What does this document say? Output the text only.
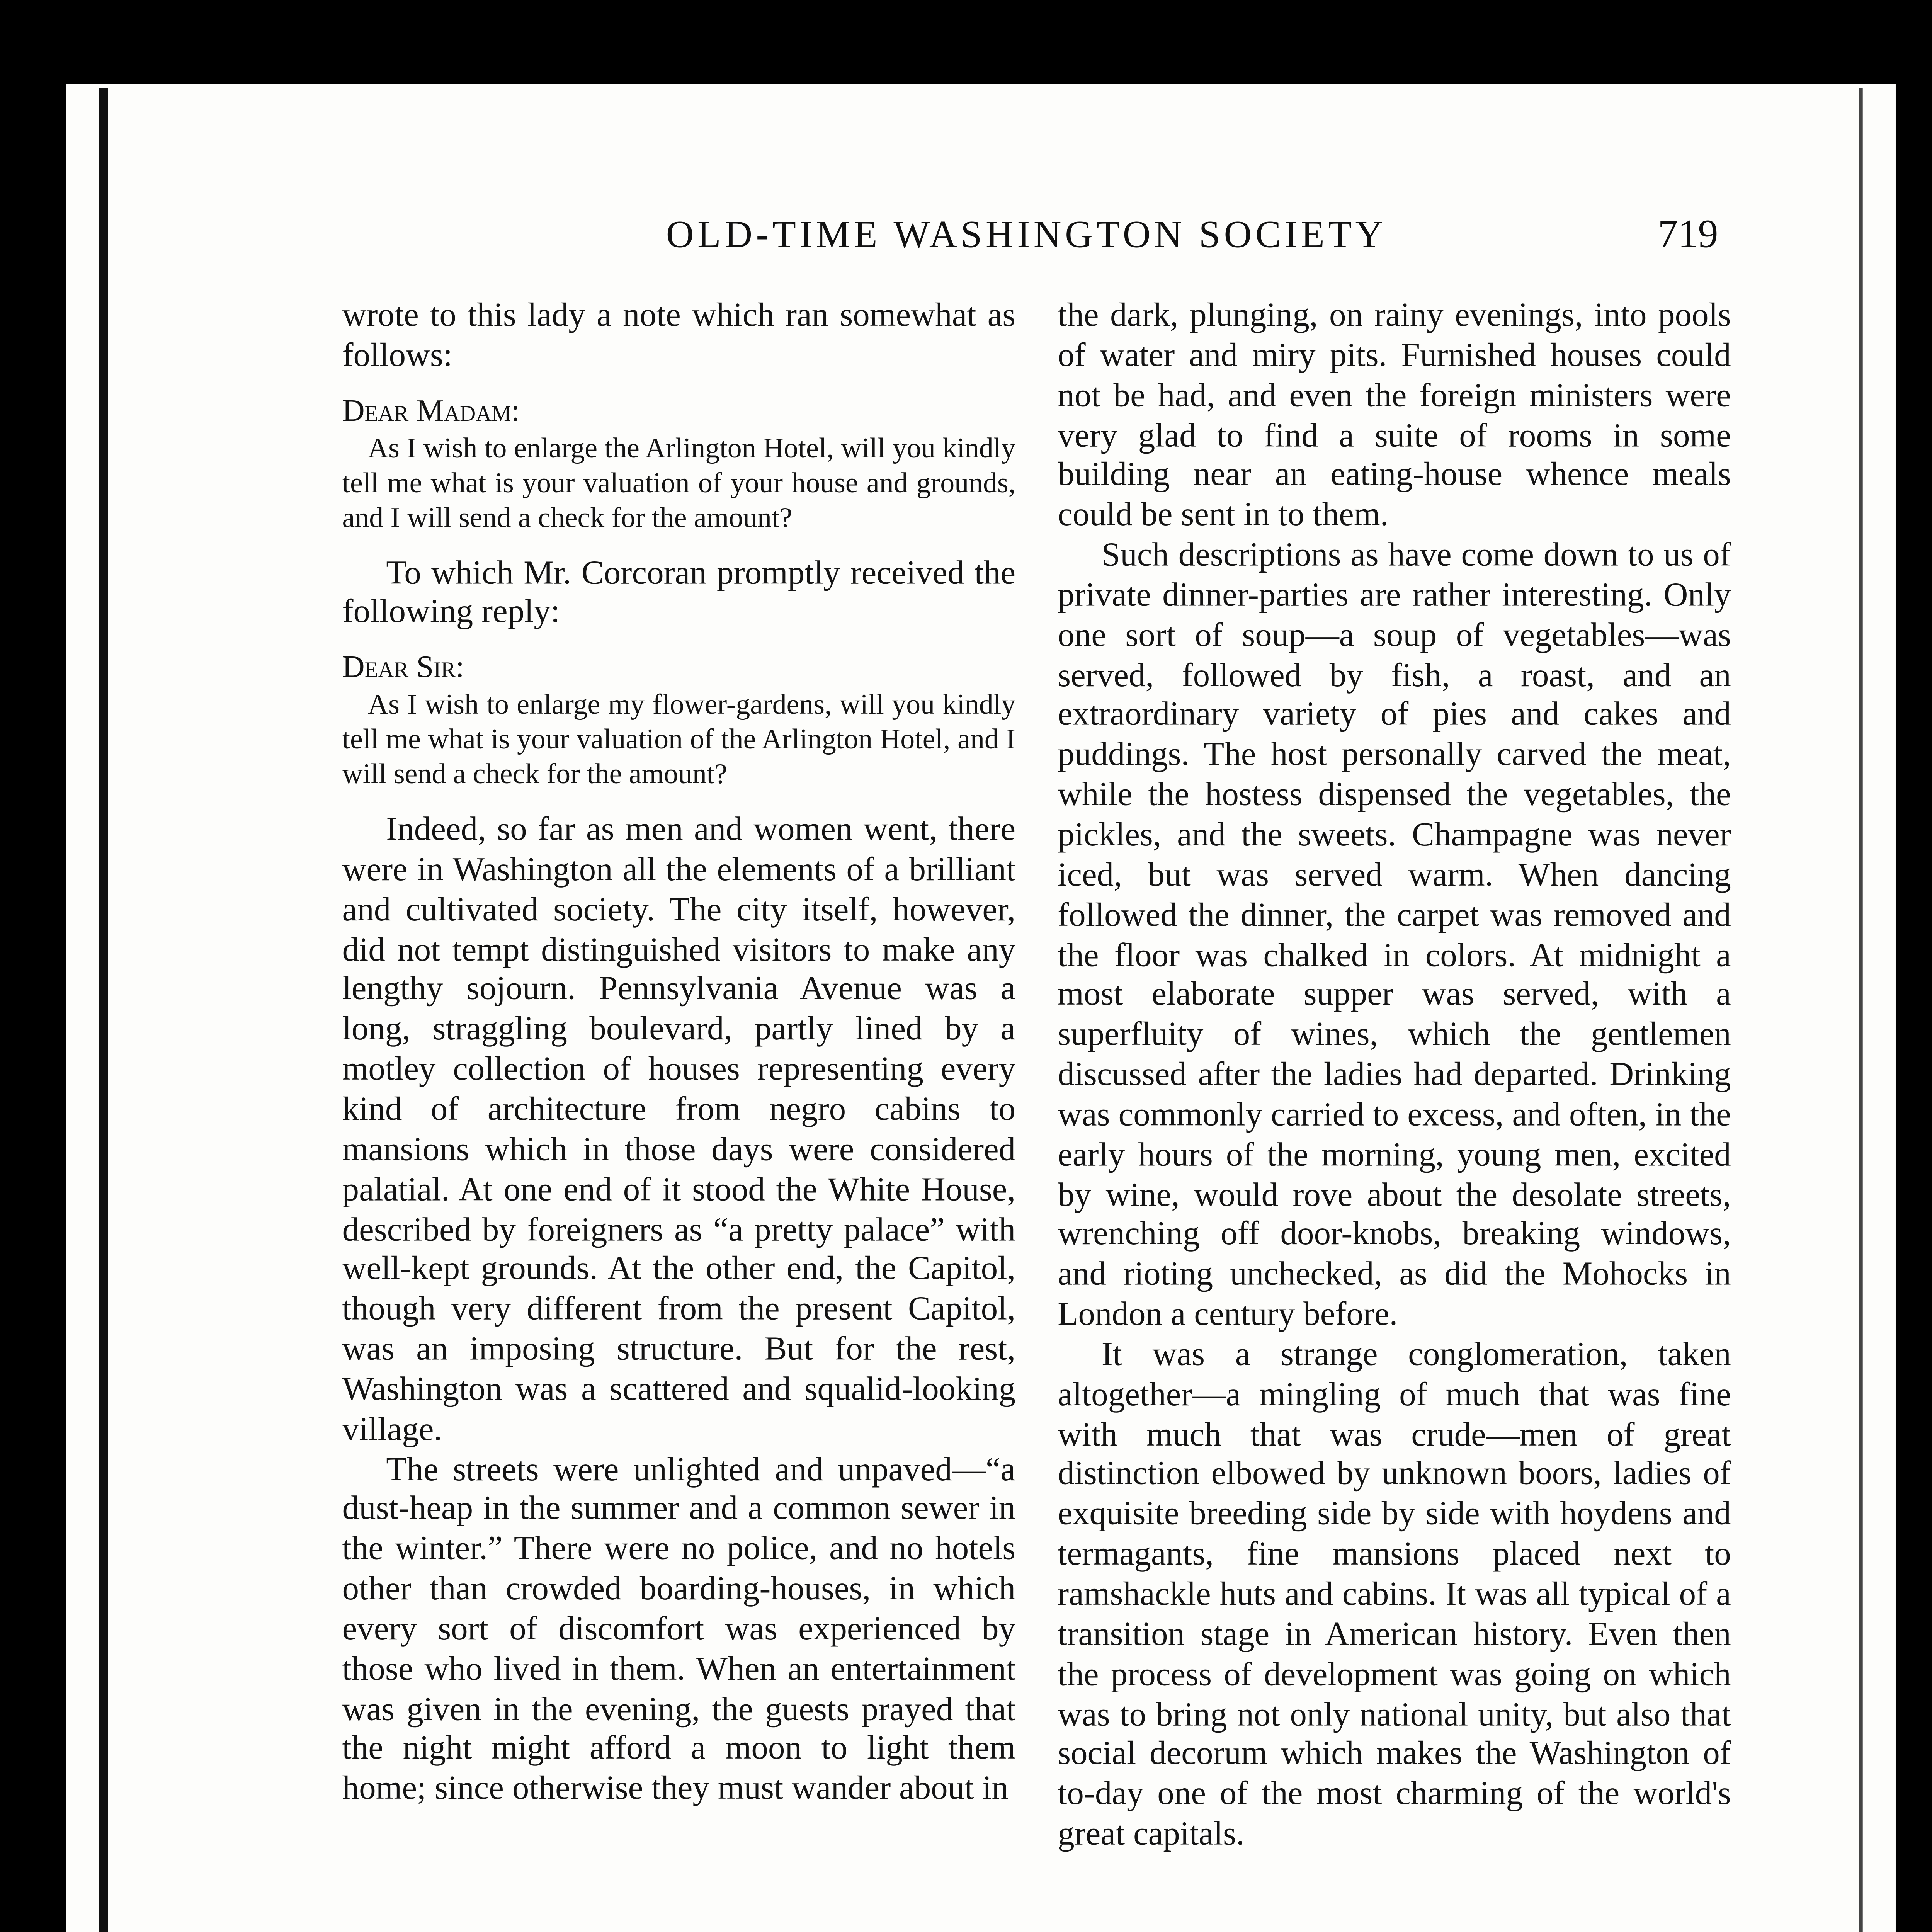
OLD-TIME WASHINGTON SOCIETY	719

wrote to this lady a note which ran somewhat as follows:

Dear Madam:

As I wish to enlarge the Arlington Hotel, will you kindly tell me what is your valuation of your house and grounds, and I will send a check for the amount?

To which Mr. Corcoran promptly received the following reply:

Dear Sir:

As I wish to enlarge my flower-gardens, will you kindly tell me what is your valuation of the Arlington Hotel, and I will send a check for the amount?

Indeed, so far as men and women went, there were in Washington all the elements of a brilliant and cultivated society. The city itself, however, did not tempt distinguished visitors to make any lengthy sojourn. Pennsylvania Avenue was a long, straggling boulevard, partly lined by a motley collection of houses representing every kind of architecture from negro cabins to mansions which in those days were considered palatial. At one end of it stood the White House, described by foreigners as “a pretty palace” with well-kept grounds. At the other end, the Capitol, though very different from the present Capitol, was an imposing structure. But for the rest, Washington was a scattered and squalid-looking village.

The streets were unlighted and unpaved—“a dust-heap in the summer and a common sewer in the winter.” There were no police, and no hotels other than crowded boarding-houses, in which every sort of discomfort was experienced by those who lived in them. When an entertainment was given in the evening, the guests prayed that the night might afford a moon to light them home; since otherwise they must wander about in

the dark, plunging, on rainy evenings, into pools of water and miry pits. Furnished houses could not be had, and even the foreign ministers were very glad to find a suite of rooms in some building near an eating-house whence meals could be sent in to them.

Such descriptions as have come down to us of private dinner-parties are rather interesting. Only one sort of soup—a soup of vegetables—was served, followed by fish, a roast, and an extraordinary variety of pies and cakes and puddings. The host personally carved the meat, while the hostess dispensed the vegetables, the pickles, and the sweets. Champagne was never iced, but was served warm. When dancing followed the dinner, the carpet was removed and the floor was chalked in colors. At midnight a most elaborate supper was served, with a superfluity of wines, which the gentlemen discussed after the ladies had departed. Drinking was commonly carried to excess, and often, in the early hours of the morning, young men, excited by wine, would rove about the desolate streets, wrenching off door-knobs, breaking windows, and rioting unchecked, as did the Mohocks in London a century before.

It was a strange conglomeration, taken altogether—a mingling of much that was fine with much that was crude—men of great distinction elbowed by unknown boors, ladies of exquisite breeding side by side with hoydens and termagants, fine mansions placed next to ramshackle huts and cabins. It was all typical of a transition stage in American history. Even then the process of development was going on which was to bring not only national unity, but also that social decorum which makes the Washington of to-day one of the most charming of the world's great capitals.
